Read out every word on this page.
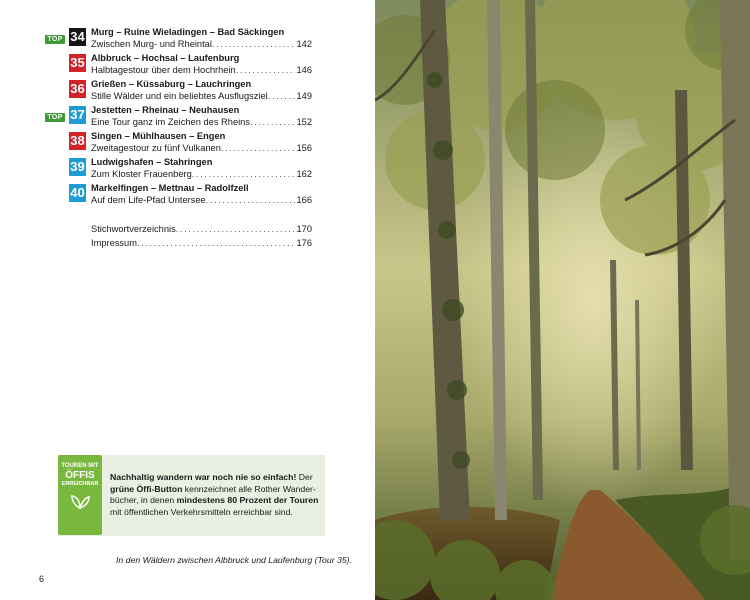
TOP 34 Murg – Ruine Wieladingen – Bad Säckingen
Zwischen Murg- und Rheintal . . .	142
35 Albbruck – Hochsal – Laufenburg
Halbtagestour über dem Hochrhein . . .	146
36 Grießen – Küssaburg – Lauchringen
Stille Wälder und ein beliebtes Ausflugsziel . . .	149
TOP 37 Jestetten – Rheinau – Neuhausen
Eine Tour ganz im Zeichen des Rheins . . .	152
38 Singen – Mühlhausen – Engen
Zweitagestour zu fünf Vulkanen . . .	156
39 Ludwigshafen – Stahringen
Zum Kloster Frauenberg . . .	162
40 Markelfingen – Mettnau – Radolfzell
Auf dem Life-Pfad Untersee . . .	166
Stichwortverzeichnis . . .	170
Impressum . . .	176
TOUREN MIT
ÖFFIS
ERREICHBAR
Nachhaltig wandern war noch nie so einfach! Der grüne Öffi-Button kennzeichnet alle Rother Wanderbücher, in denen mindestens 80 Prozent der Touren mit öffentlichen Verkehrsmitteln erreichbar sind.
In den Wäldern zwischen Albbruck und Laufenburg (Tour 35).
6
